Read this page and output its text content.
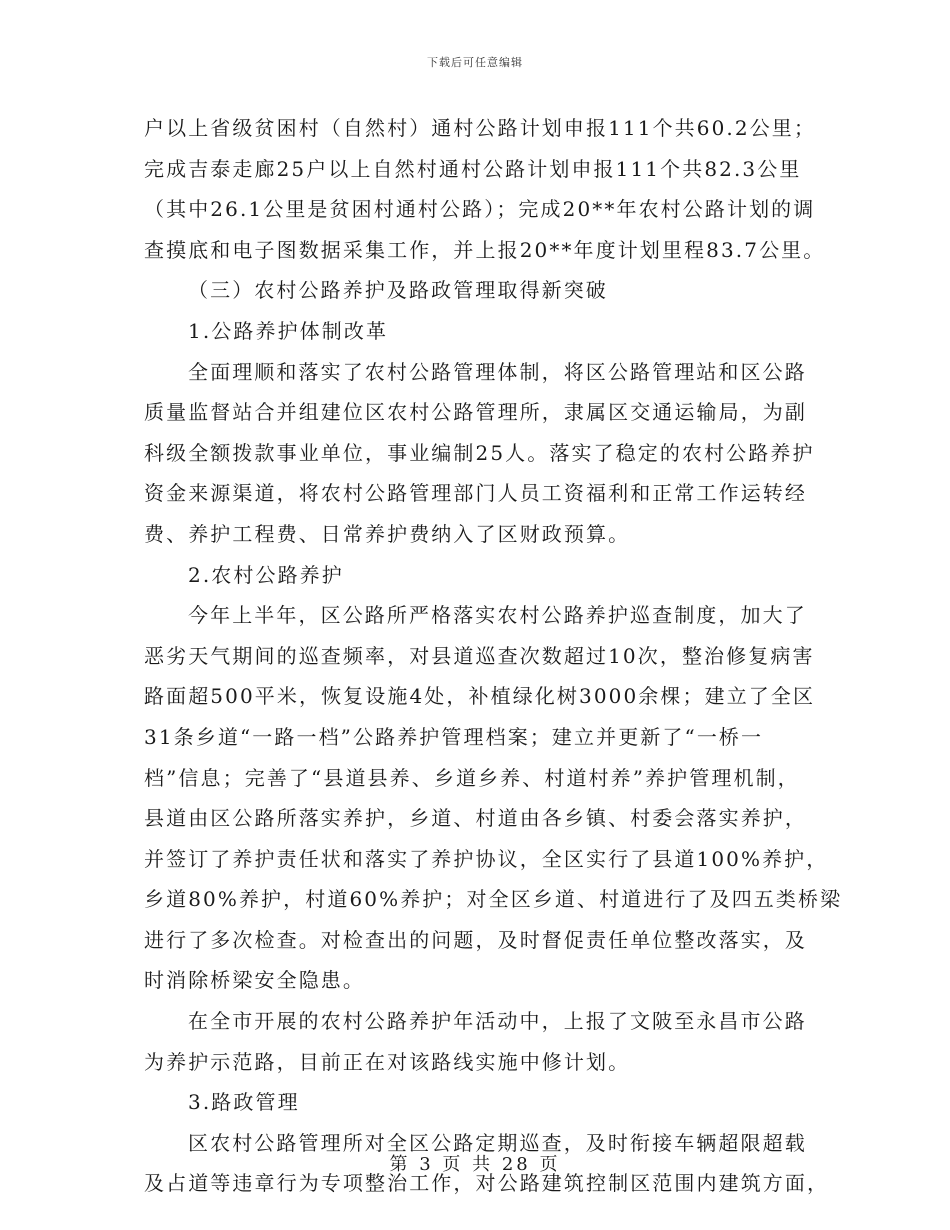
下载后可任意编辑
户以上省级贫困村（自然村）通村公路计划申报111个共60.2公里；
完成吉泰走廊25户以上自然村通村公路计划申报111个共82.3公里
（其中26.1公里是贫困村通村公路）；完成20**年农村公路计划的调
查摸底和电子图数据采集工作，并上报20**年度计划里程83.7公里。
（三）农村公路养护及路政管理取得新突破
1.公路养护体制改革
全面理顺和落实了农村公路管理体制，将区公路管理站和区公路
质量监督站合并组建位区农村公路管理所，隶属区交通运输局，为副
科级全额拨款事业单位，事业编制25人。落实了稳定的农村公路养护
资金来源渠道，将农村公路管理部门人员工资福利和正常工作运转经
费、养护工程费、日常养护费纳入了区财政预算。
2.农村公路养护
今年上半年，区公路所严格落实农村公路养护巡查制度，加大了
恶劣天气期间的巡查频率，对县道巡查次数超过10次，整治修复病害
路面超500平米，恢复设施4处，补植绿化树3000余棵；建立了全区
31条乡道“一路一档”公路养护管理档案；建立并更新了“一桥一
档”信息；完善了“县道县养、乡道乡养、村道村养”养护管理机制，
县道由区公路所落实养护，乡道、村道由各乡镇、村委会落实养护，
并签订了养护责任状和落实了养护协议，全区实行了县道100%养护，
乡道80%养护，村道60%养护；对全区乡道、村道进行了及四五类桥梁
进行了多次检查。对检查出的问题，及时督促责任单位整改落实，及
时消除桥梁安全隐患。
在全市开展的农村公路养护年活动中，上报了文陂至永昌市公路
为养护示范路，目前正在对该路线实施中修计划。
3.路政管理
区农村公路管理所对全区公路定期巡查，及时衔接车辆超限超载
及占道等违章行为专项整治工作，对公路建筑控制区范围内建筑方面，
第 3 页 共 28 页
